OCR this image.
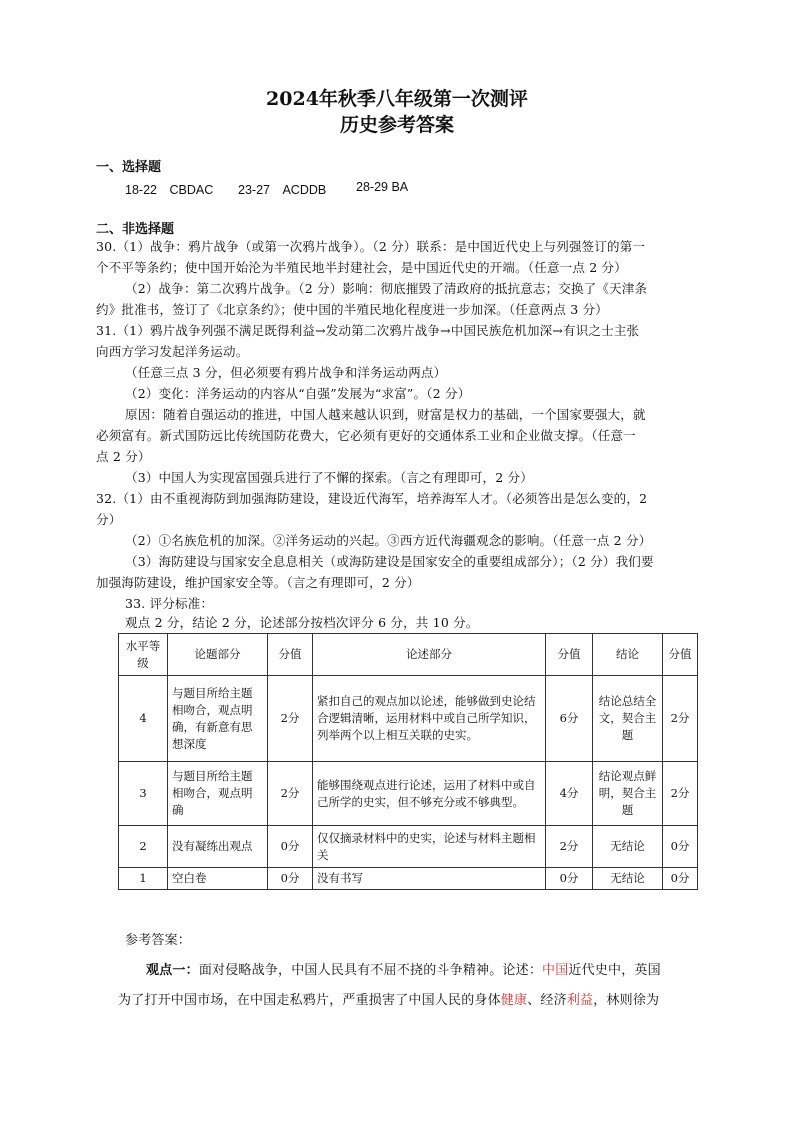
2024年秋季八年级第一次测评
历史参考答案
一、选择题
18-22　CBDAC 23-27　ACDDB 28-29 BA
二、非选择题
30.（1）战争：鸦片战争（或第一次鸦片战争）。（2 分）联系：是中国近代史上与列强签订的第一
个不平等条约；使中国开始沦为半殖民地半封建社会，是中国近代史的开端。（任意一点 2 分）
（2）战争：第二次鸦片战争。（2 分）影响：彻底摧毁了清政府的抵抗意志；交换了《天津条
约》批准书，签订了《北京条约》；使中国的半殖民地化程度进一步加深。（任意两点 3 分）
31.（1）鸦片战争列强不满足既得利益→发动第二次鸦片战争→中国民族危机加深→有识之士主张
向西方学习发起洋务运动。
（任意三点 3 分，但必须要有鸦片战争和洋务运动两点）
（2）变化：洋务运动的内容从“自强”发展为“求富”。（2 分）
原因：随着自强运动的推进，中国人越来越认识到，财富是权力的基础，一个国家要强大，就
必须富有。新式国防远比传统国防花费大，它必须有更好的交通体系工业和企业做支撑。（任意一
点 2 分）
（3）中国人为实现富国强兵进行了不懈的探索。（言之有理即可，2 分）
32.（1）由不重视海防到加强海防建设，建设近代海军，培养海军人才。（必须答出是怎么变的，2
分）
（2）①名族危机的加深。②洋务运动的兴起。③西方近代海疆观念的影响。（任意一点 2 分）
（3）海防建设与国家安全息息相关（或海防建设是国家安全的重要组成部分）；（2 分）我们要
加强海防建设，维护国家安全等。（言之有理即可，2 分）
33. 评分标准：
观点 2 分，结论 2 分，论述部分按档次评分 6 分，共 10 分。
水平等级	论题部分	分值	论述部分	分值	结论	分值
4	与题目所给主题相吻合，观点明确，有新意有思想深度	2分	紧扣自己的观点加以论述，能够做到史论结合逻辑清晰，运用材料中或自己所学知识，列举两个以上相互关联的史实。	6分	结论总结全文，契合主题	2分
3	与题目所给主题相吻合，观点明确	2分	能够围绕观点进行论述，运用了材料中或自己所学的史实，但不够充分或不够典型。	4分	结论观点鲜明，契合主题	2分
2	没有凝练出观点	0分	仅仅摘录材料中的史实，论述与材料主题相关	2分	无结论	0分
1	空白卷	0分	没有书写	0分	无结论	0分
参考答案：
观点一：面对侵略战争，中国人民具有不屈不挠的斗争精神。论述：中国近代史中，英国
为了打开中国市场，在中国走私鸦片，严重损害了中国人民的身体健康、经济利益，林则徐为
